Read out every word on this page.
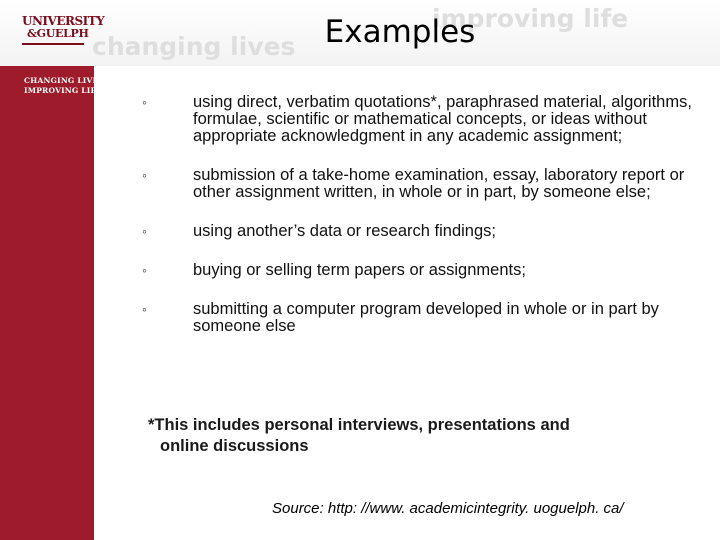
changing lives
improving life
UNIVERSITY
&GUELPH	Examples
CHANGING LIVES
IMPROVING LIFE
◦	using direct, verbatim quotations*, paraphrased material, algorithms, formulae, scientific or mathematical concepts, or ideas without appropriate acknowledgment in any academic assignment;
◦	submission of a take-home examination, essay, laboratory report or other assignment written, in whole or in part, by someone else;
◦	using another’s data or research findings;
◦	buying or selling term papers or assignments;
◦	submitting a computer program developed in whole or in part by someone else
*This includes personal interviews, presentations and
online discussions
Source: http: //www. academicintegrity. uoguelph. ca/
